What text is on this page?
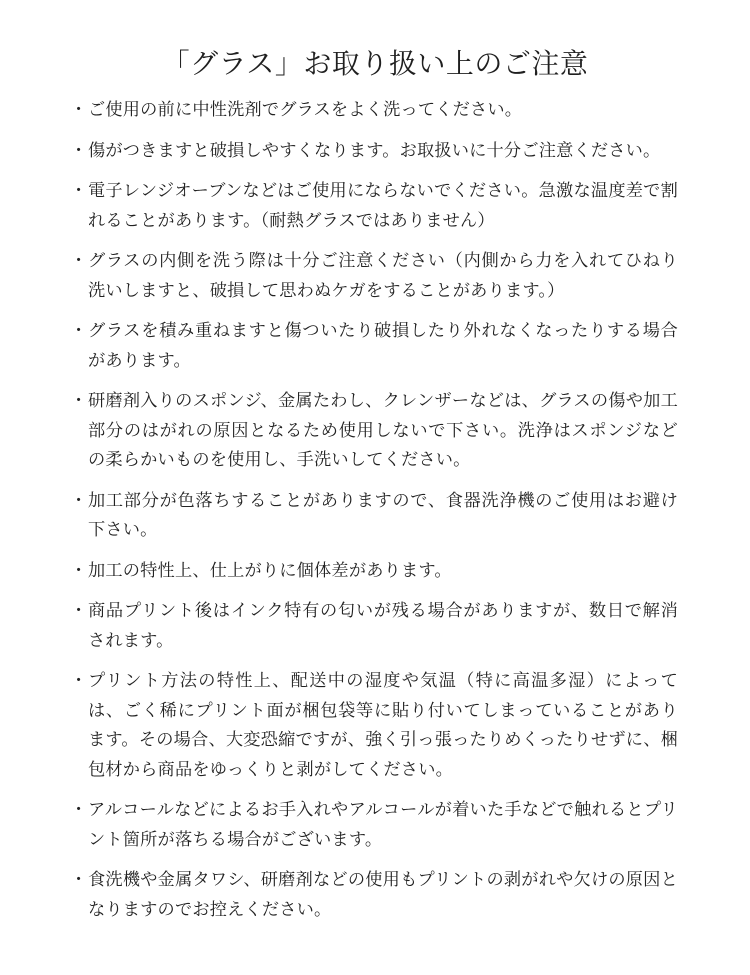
「グラス」お取り扱い上のご注意
・ ご使用の前に中性洗剤でグラスをよく洗ってください。
・ 傷がつきますと破損しやすくなります。お取扱いに十分ご注意ください。
・ 電子レンジオーブンなどはご使用にならないでください。急激な温度差で割れることがあります。（耐熱グラスではありません）
・ グラスの内側を洗う際は十分ご注意ください（内側から力を入れてひねり洗いしますと、破損して思わぬケガをすることがあります。）
・ グラスを積み重ねますと傷ついたり破損したり外れなくなったりする場合があります。
・ 研磨剤入りのスポンジ、金属たわし、クレンザーなどは、グラスの傷や加工部分のはがれの原因となるため使用しないで下さい。洗浄はスポンジなどの柔らかいものを使用し、手洗いしてください。
・ 加工部分が色落ちすることがありますので、食器洗浄機のご使用はお避け下さい。
・ 加工の特性上、仕上がりに個体差があります。
・ 商品プリント後はインク特有の匂いが残る場合がありますが、数日で解消されます。
・ プリント方法の特性上、配送中の湿度や気温（特に高温多湿）によっては、ごく稀にプリント面が梱包袋等に貼り付いてしまっていることがあります。その場合、大変恐縮ですが、強く引っ張ったりめくったりせずに、梱包材から商品をゆっくりと剥がしてください。
・ アルコールなどによるお手入れやアルコールが着いた手などで触れるとプリント箇所が落ちる場合がございます。
・ 食洗機や金属タワシ、研磨剤などの使用もプリントの剥がれや欠けの原因となりますのでお控えください。
